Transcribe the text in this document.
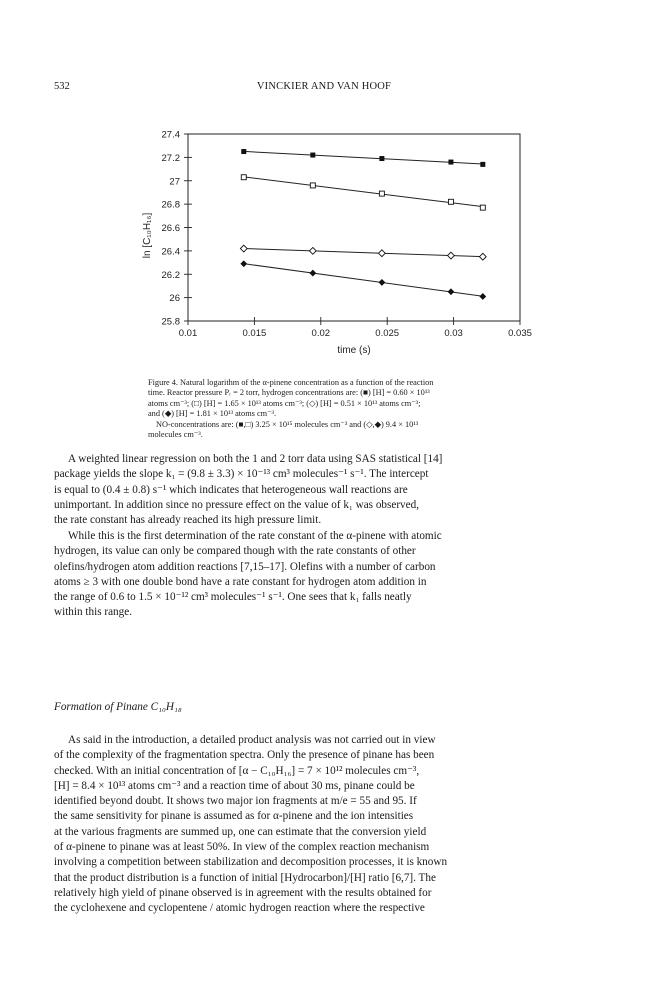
532	VINCKIER AND VAN HOOF
25.8
26
26.2
26.4
26.6
26.8
27
27.2
27.4
0.01	0.015	0.02	0.025	0.03	0.035
time (s)
ln [C₁₀H₁₆]

Figure 4. Natural logarithm of the α-pinene concentration as a function of the reaction

time. Reactor pressure Pᵣ = 2 torr, hydrogen concentrations are: (■) [H] = 0.60 × 10¹³

atoms cm⁻³; (□) [H] = 1.65 × 10¹³ atoms cm⁻³; (◇) [H] = 0.51 × 10¹³ atoms cm⁻³;

and (◆) [H] = 1.81 × 10¹³ atoms cm⁻³.

NO-concentrations are: (■,□) 3.25 × 10¹⁵ molecules cm⁻³ and (◇,◆) 9.4 × 10¹³

molecules cm⁻³.

A weighted linear regression on both the 1 and 2 torr data using SAS statistical [14]

package yields the slope k₁ = (9.8 ± 3.3) × 10⁻¹³ cm³ molecules⁻¹ s⁻¹. The intercept

is equal to (0.4 ± 0.8) s⁻¹ which indicates that heterogeneous wall reactions are

unimportant. In addition since no pressure effect on the value of k₁ was observed,

the rate constant has already reached its high pressure limit.

While this is the first determination of the rate constant of the α-pinene with atomic

hydrogen, its value can only be compared though with the rate constants of other

olefins/hydrogen atom addition reactions [7,15–17]. Olefins with a number of carbon

atoms ≥ 3 with one double bond have a rate constant for hydrogen atom addition in

the range of 0.6 to 1.5 × 10⁻¹² cm³ molecules⁻¹ s⁻¹. One sees that k₁ falls neatly

within this range.

Formation of Pinane C₁₀H₁₈

As said in the introduction, a detailed product analysis was not carried out in view

of the complexity of the fragmentation spectra. Only the presence of pinane has been

checked. With an initial concentration of [α − C₁₀H₁₆] = 7 × 10¹² molecules cm⁻³,

[H] = 8.4 × 10¹³ atoms cm⁻³ and a reaction time of about 30 ms, pinane could be

identified beyond doubt. It shows two major ion fragments at m/e = 55 and 95. If

the same sensitivity for pinane is assumed as for α-pinene and the ion intensities

at the various fragments are summed up, one can estimate that the conversion yield

of α-pinene to pinane was at least 50%. In view of the complex reaction mechanism

involving a competition between stabilization and decomposition processes, it is known

that the product distribution is a function of initial [Hydrocarbon]/[H] ratio [6,7]. The

relatively high yield of pinane observed is in agreement with the results obtained for

the cyclohexene and cyclopentene / atomic hydrogen reaction where the respective
